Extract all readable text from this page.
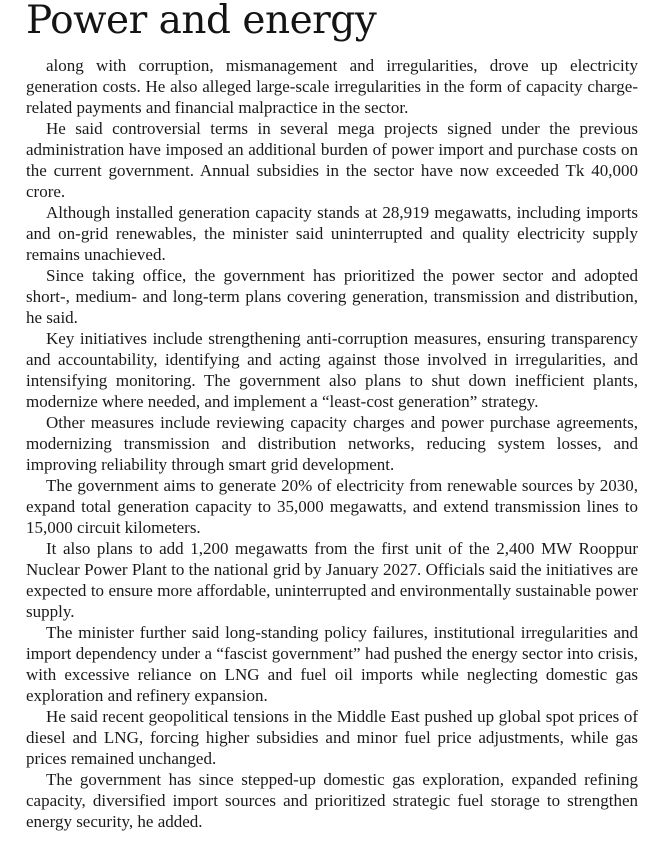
Power and energy

along with corruption, mismanagement and irregularities, drove up electricity generation costs. He also alleged large-scale irregularities in the form of capacity charge-related payments and financial malpractice in the sector.

He said controversial terms in several mega projects signed under the previous administration have imposed an additional burden of power import and purchase costs on the current government. Annual subsidies in the sector have now exceeded Tk 40,000 crore.

Although installed generation capacity stands at 28,919 megawatts, including imports and on-grid renewables, the minister said uninterrupted and quality electricity supply remains unachieved.

Since taking office, the government has prioritized the power sector and adopted short-, medium- and long-term plans covering generation, transmission and distribution, he said.

Key initiatives include strengthening anti-corruption measures, ensuring transparency and accountability, identifying and acting against those involved in irregularities, and intensifying monitoring. The government also plans to shut down inefficient plants, modernize where needed, and implement a “least-cost generation” strategy.

Other measures include reviewing capacity charges and power purchase agreements, modernizing transmission and distribution networks, reducing system losses, and improving reliability through smart grid development.

The government aims to generate 20% of electricity from renewable sources by 2030, expand total generation capacity to 35,000 megawatts, and extend transmission lines to 15,000 circuit kilometers.

It also plans to add 1,200 megawatts from the first unit of the 2,400 MW Rooppur Nuclear Power Plant to the national grid by January 2027. Officials said the initiatives are expected to ensure more affordable, uninterrupted and environmentally sustainable power supply.

The minister further said long-standing policy failures, institutional irregularities and import dependency under a “fascist government” had pushed the energy sector into crisis, with excessive reliance on LNG and fuel oil imports while neglecting domestic gas exploration and refinery expansion.

He said recent geopolitical tensions in the Middle East pushed up global spot prices of diesel and LNG, forcing higher subsidies and minor fuel price adjustments, while gas prices remained unchanged.

The government has since stepped-up domestic gas exploration, expanded refining capacity, diversified import sources and prioritized strategic fuel storage to strengthen energy security, he added.
